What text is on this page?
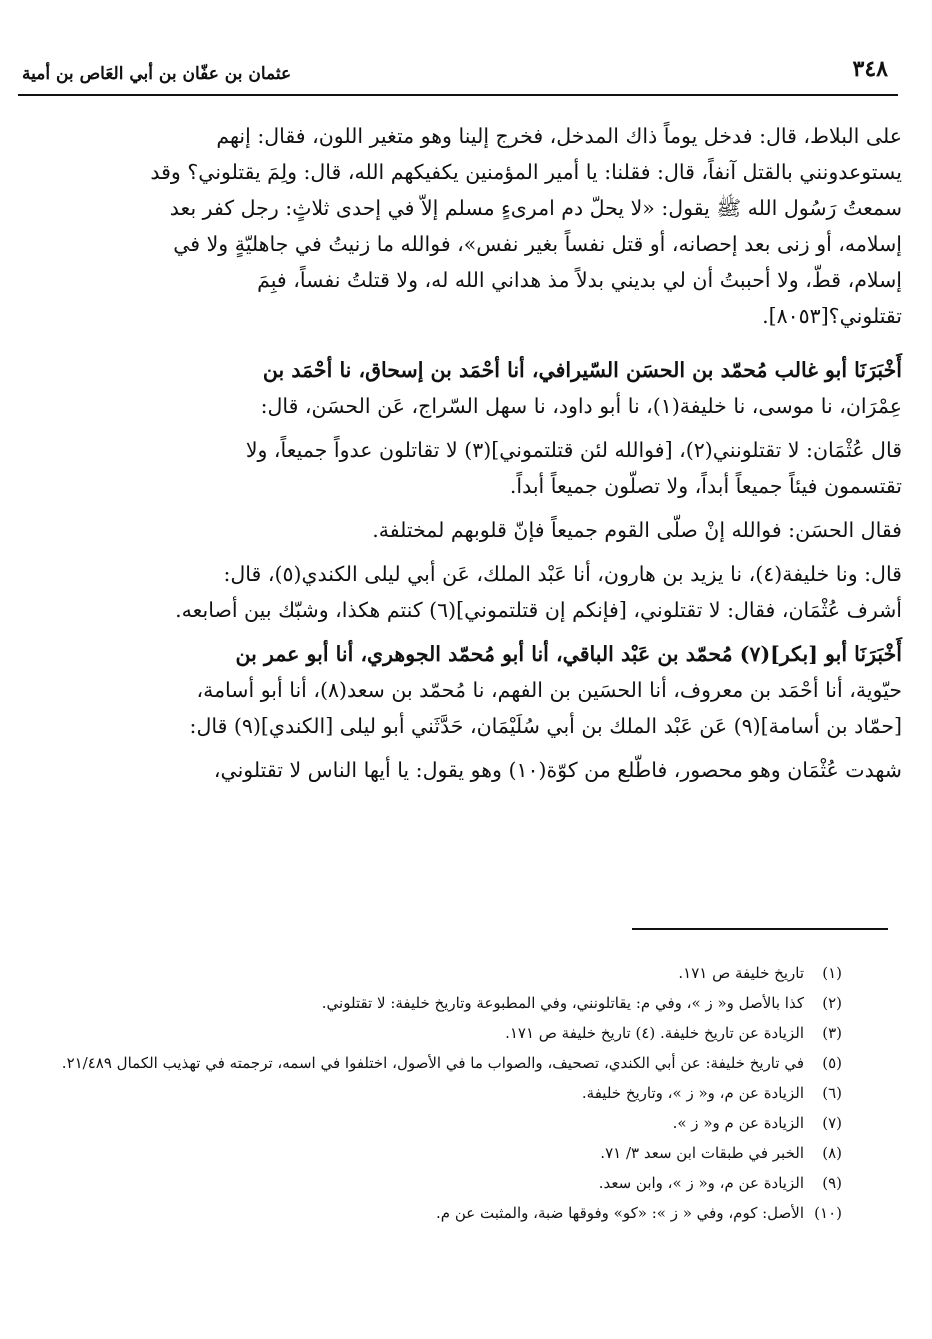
٣٤٨
عثمان بن عفّان بن أبي العَاص بن أمية

على البلاط، قال: فدخل يوماً ذاك المدخل، فخرج إلينا وهو متغير اللون، فقال: إنهم

يستوعدونني بالقتل آنفاً، قال: فقلنا: يا أمير المؤمنين يكفيكهم الله، قال: ولِمَ يقتلوني؟ وقد

سمعتُ رَسُول الله ﷺ يقول: «لا يحلّ دم امرىءٍ مسلم إلاّ في إحدى ثلاثٍ: رجل كفر بعد

إسلامه، أو زنى بعد إحصانه، أو قتل نفساً بغير نفس»، فوالله ما زنيتُ في جاهليّةٍ ولا في

إسلام، قطّ، ولا أحببتُ أن لي بديني بدلاً مذ هداني الله له، ولا قتلتُ نفساً، فبِمَ

تقتلوني؟[٨٠٥٣].

أَخْبَرَنَا أبو غالب مُحمّد بن الحسَن السّيرافي، أنا أحْمَد بن إسحاق، نا أحْمَد بن

عِمْرَان، نا موسى، نا خليفة(١)، نا أبو داود، نا سهل السّراج، عَن الحسَن، قال:

قال عُثْمَان: لا تقتلونني(٢)، [فوالله لئن قتلتموني](٣) لا تقاتلون عدواً جميعاً، ولا

تقتسمون فيئاً جميعاً أبداً، ولا تصلّون جميعاً أبداً.

فقال الحسَن: فوالله إنْ صلّى القوم جميعاً فإنّ قلوبهم لمختلفة.

قال: ونا خليفة(٤)، نا يزيد بن هارون، أنا عَبْد الملك، عَن أبي ليلى الكندي(٥)، قال:

أشرف عُثْمَان، فقال: لا تقتلوني، [فإنكم إن قتلتموني](٦) كنتم هكذا، وشبّك بين أصابعه.

أَخْبَرَنَا أبو [بكر](٧) مُحمّد بن عَبْد الباقي، أنا أبو مُحمّد الجوهري، أنا أبو عمر بن

حيّوية، أنا أحْمَد بن معروف، أنا الحسَين بن الفهم، نا مُحمّد بن سعد(٨)، أنا أبو أسامة،

[حمّاد بن أسامة](٩) عَن عَبْد الملك بن أبي سُلَيْمَان، حَدَّثَني أبو ليلى [الكندي](٩) قال:

شهدت عُثْمَان وهو محصور، فاطّلع من كوّة(١٠) وهو يقول: يا أيها الناس لا تقتلوني،

(١)
تاريخ خليفة ص ١٧١.
(٢)
كذا بالأصل و« ز »، وفي م: يقاتلونني، وفي المطبوعة وتاريخ خليفة: لا تقتلوني.
(٣)
الزيادة عن تاريخ خليفة. (٤) تاريخ خليفة ص ١٧١.
(٥)
في تاريخ خليفة: عن أبي الكندي، تصحيف، والصواب ما في الأصول، اختلفوا في اسمه، ترجمته في تهذيب الكمال ٢١/٤٨٩.
(٦)
الزيادة عن م، و« ز »، وتاريخ خليفة.
(٧)
الزيادة عن م و« ز ».
(٨)
الخبر في طبقات ابن سعد ٣/ ٧١.
(٩)
الزيادة عن م، و« ز »، وابن سعد.
(١٠)
الأصل: كوم، وفي « ز »: «كو» وفوقها ضبة، والمثبت عن م.
